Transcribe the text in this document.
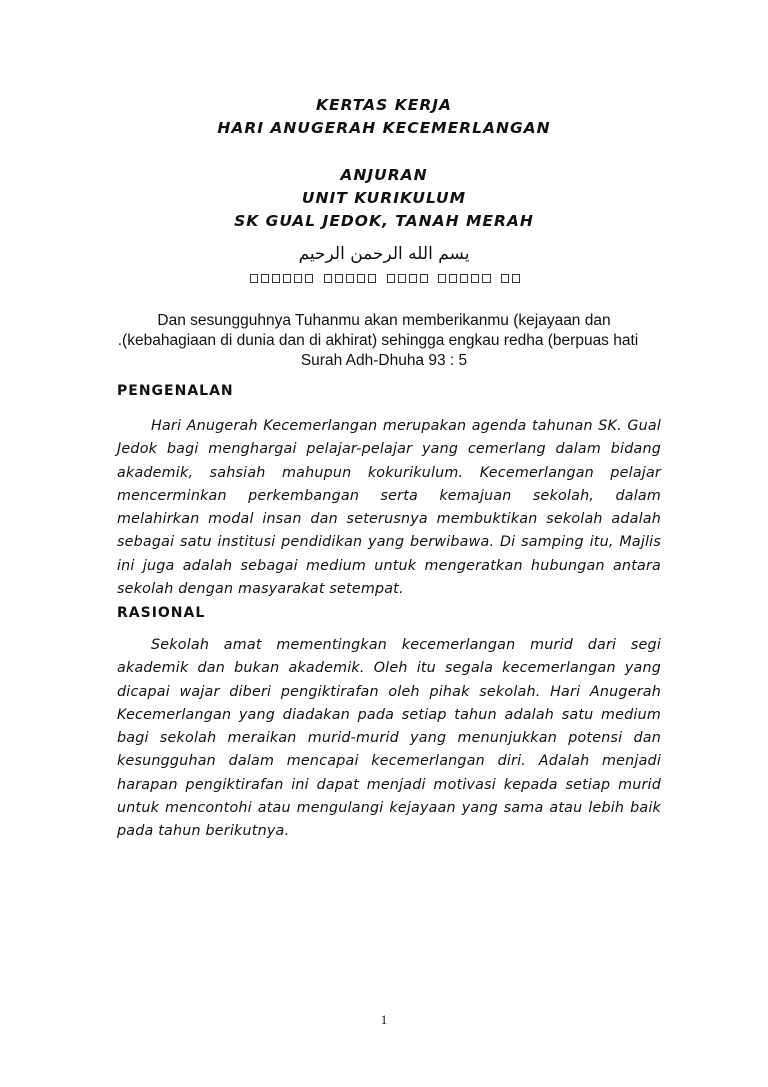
KERTAS KERJA

HARI ANUGERAH KECEMERLANGAN

ANJURAN

UNIT KURIKULUM

SK GUAL JEDOK, TANAH MERAH

يسم الله الرحمن الرحيم

Dan sesungguhnya Tuhanmu akan memberikanmu (kejayaan dan

.(kebahagiaan di dunia dan di akhirat) sehingga engkau redha (berpuas hati

Surah Adh-Dhuha 93 : 5

PENGENALAN

Hari Anugerah Kecemerlangan merupakan agenda tahunan SK. Gual Jedok bagi menghargai pelajar-pelajar yang cemerlang dalam bidang akademik, sahsiah mahupun kokurikulum. Kecemerlangan pelajar mencerminkan perkembangan serta kemajuan sekolah, dalam melahirkan modal insan dan seterusnya membuktikan sekolah adalah sebagai satu institusi pendidikan yang berwibawa. Di samping itu, Majlis ini juga adalah sebagai medium untuk mengeratkan hubungan antara sekolah dengan masyarakat setempat.

RASIONAL

Sekolah amat mementingkan kecemerlangan murid dari segi akademik dan bukan akademik. Oleh itu segala kecemerlangan yang dicapai wajar diberi pengiktirafan oleh pihak sekolah. Hari Anugerah Kecemerlangan yang diadakan pada setiap tahun adalah satu medium bagi sekolah meraikan murid-murid yang menunjukkan potensi dan kesungguhan dalam mencapai kecemerlangan diri. Adalah menjadi harapan pengiktirafan ini dapat menjadi motivasi kepada setiap murid untuk mencontohi atau mengulangi kejayaan yang sama atau lebih baik pada tahun berikutnya.

1
